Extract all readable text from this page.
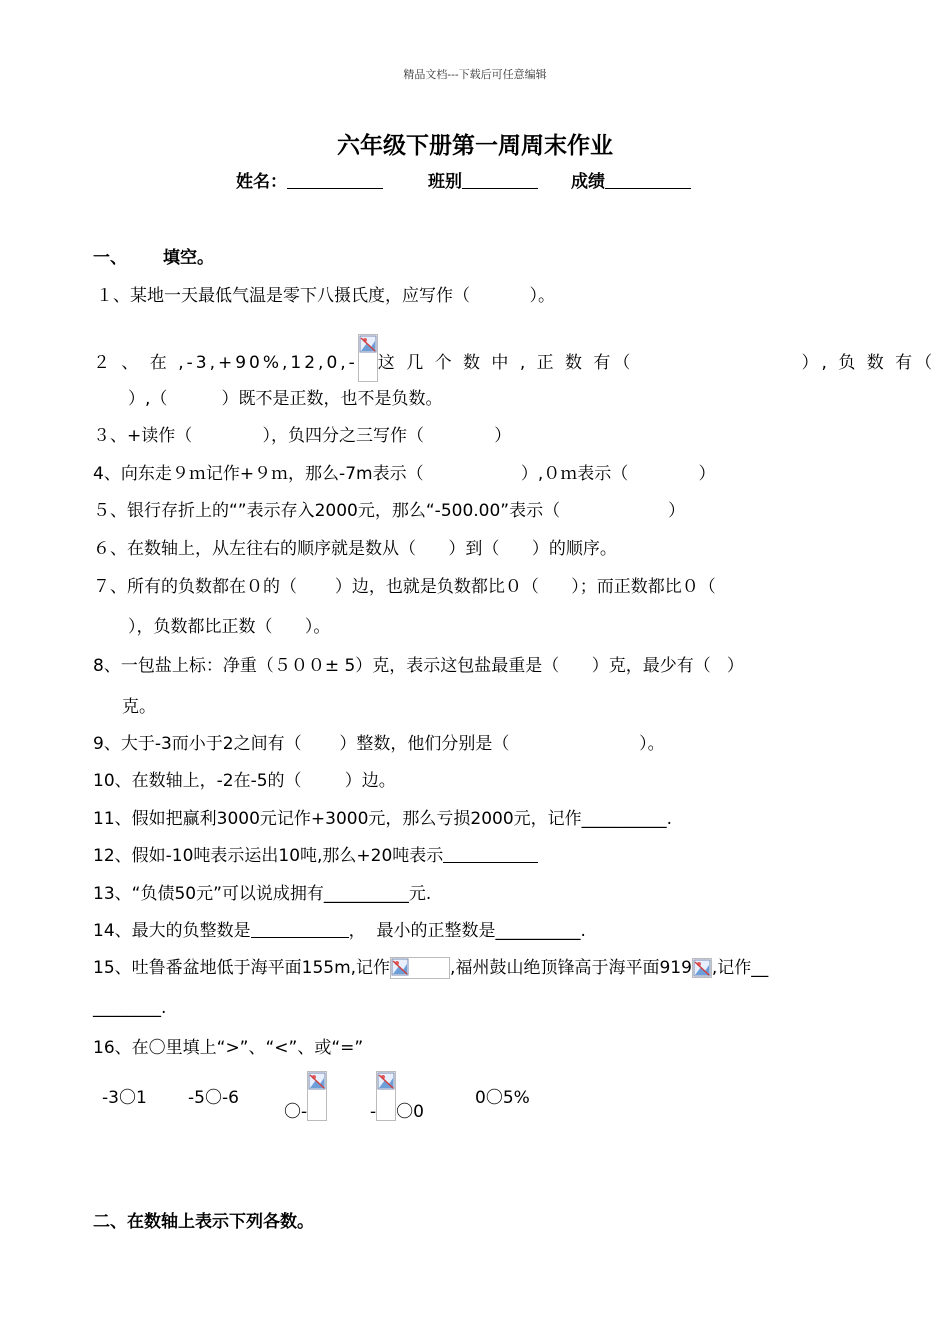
精品文档---下载后可任意编辑
六年级下册第一周周末作业
姓名：	班别	成绩
一、 填空。
１、某地一天最低气温是零下八摄氏度，应写作（           ）。
２ 、 在 ,-3,+90%,12,0,- 这 几 个 数 中 , 正 数 有（                    ）, 负 数 有（
）,（          ）既不是正数，也不是负数。
３、+读作（             ），负四分之三写作（             ）
4、向东走９ｍ记作+９ｍ，那么-7m表示（                  ）,０ｍ表示（             ）
５、银行存折上的“”表示存入2000元，那么“-500.00”表示（                    ）
６、在数轴上，从左往右的顺序就是数从（      ）到（      ）的顺序。
７、所有的负数都在０的（       ）边，也就是负数都比０（      ）；而正数都比０（
），负数都比正数（      ）。
8、一包盐上标：净重（５００± 5）克，表示这包盐最重是（      ）克，最少有（   ）
克。
9、大于-3而小于2之间有（       ）整数，他们分别是（                        ）。
10、在数轴上，-2在-5的（        ）边。
11、假如把赢利3000元记作+3000元，那么亏损2000元，记作__________.
12、假如-10吨表示运出10吨,那么+20吨表示
13、“负债50元”可以说成拥有__________元.
14、最大的负整数是	，  最小的正整数是__________.
15、吐鲁番盆地低于海平面155m,记作	,福州鼓山绝顶锋高于海平面919 ,记作__
________.
16、在〇里填上“>”、“<”、或“=”
-3〇1 -5〇-6
〇-	- 〇0
0〇5%
二、在数轴上表示下列各数。
